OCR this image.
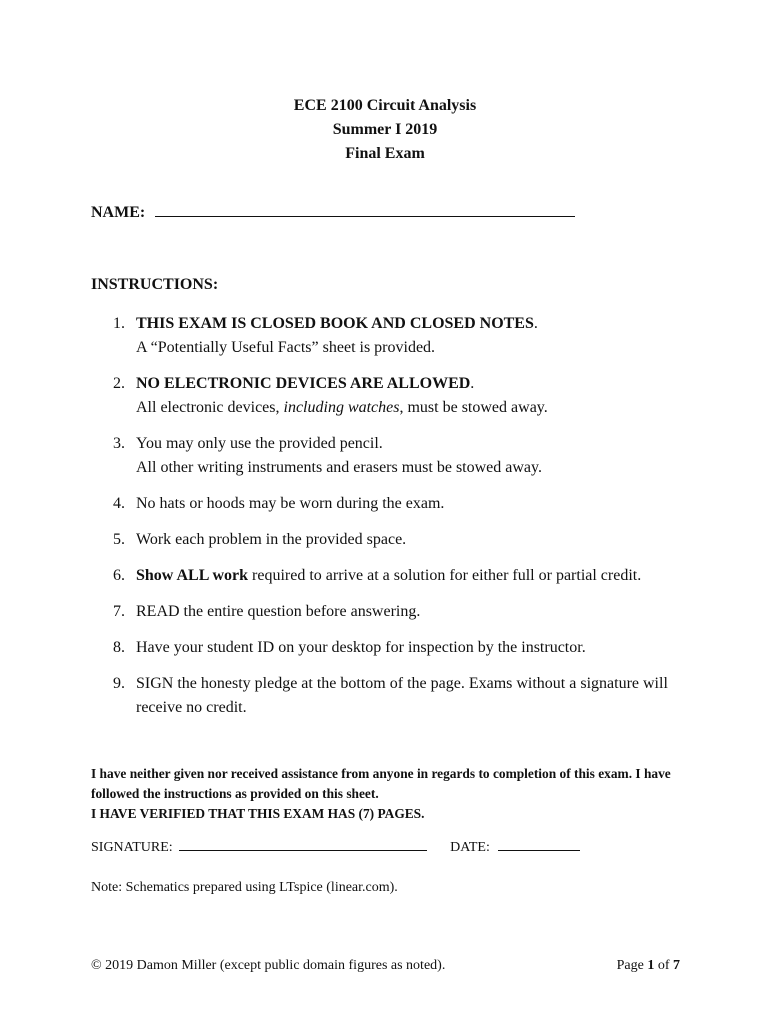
ECE 2100 Circuit Analysis
Summer I 2019
Final Exam
NAME:
INSTRUCTIONS:
1. THIS EXAM IS CLOSED BOOK AND CLOSED NOTES.
A “Potentially Useful Facts” sheet is provided.
2. NO ELECTRONIC DEVICES ARE ALLOWED.
All electronic devices, including watches, must be stowed away.
3. You may only use the provided pencil.
All other writing instruments and erasers must be stowed away.
4. No hats or hoods may be worn during the exam.
5. Work each problem in the provided space.
6. Show ALL work required to arrive at a solution for either full or partial credit.
7. READ the entire question before answering.
8. Have your student ID on your desktop for inspection by the instructor.
9. SIGN the honesty pledge at the bottom of the page. Exams without a signature will receive no credit.
I have neither given nor received assistance from anyone in regards to completion of this exam. I have followed the instructions as provided on this sheet.
I HAVE VERIFIED THAT THIS EXAM HAS (7) PAGES.
SIGNATURE:	DATE:
Note: Schematics prepared using LTspice (linear.com).
© 2019 Damon Miller (except public domain figures as noted).	Page 1 of 7
